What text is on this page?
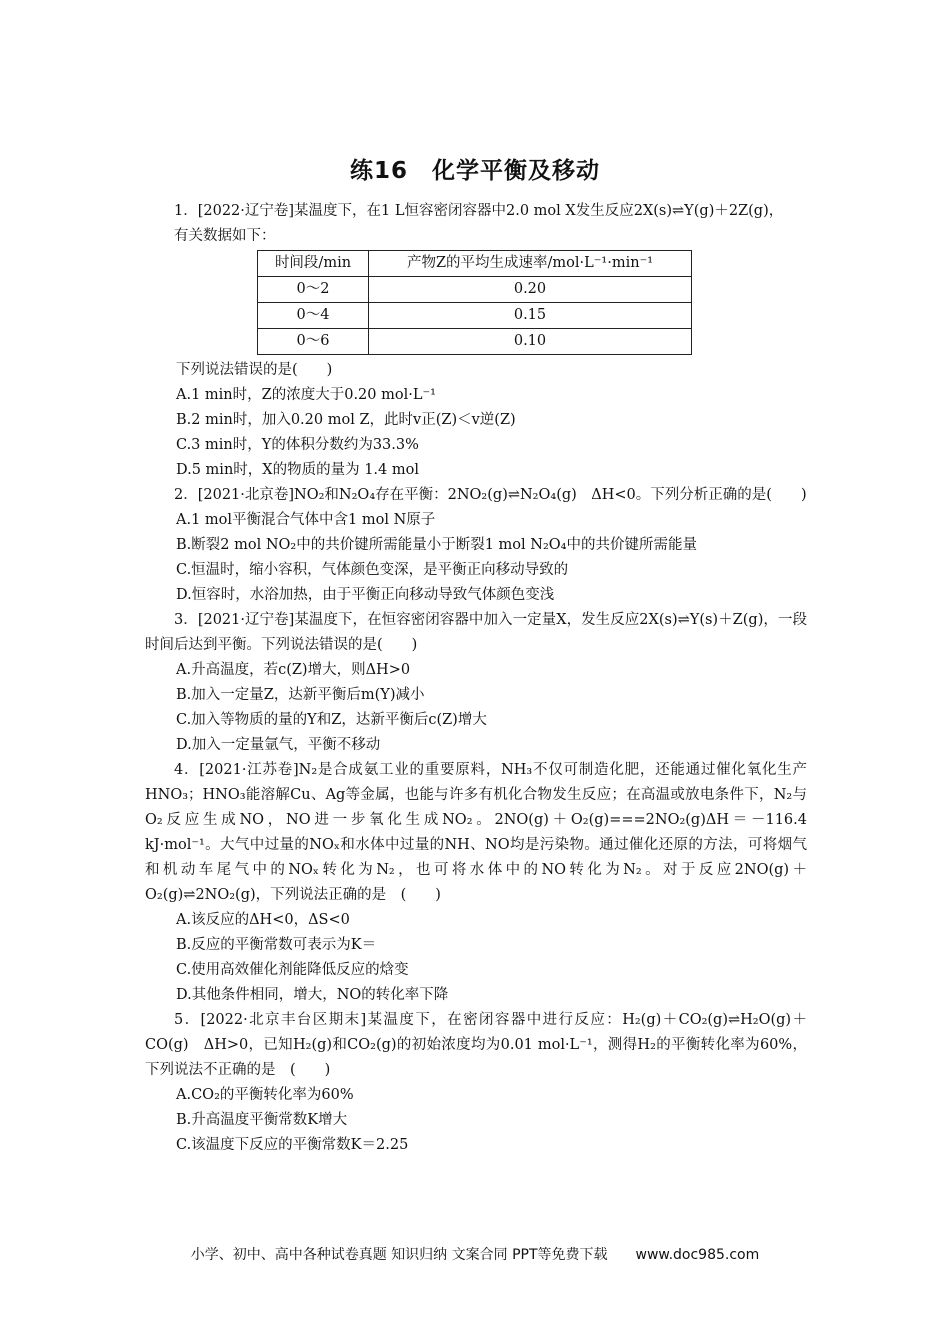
练16　化学平衡及移动

1．[2022·辽宁卷]某温度下，在1 L恒容密闭容器中2.0 mol X发生反应2X(s)⇌Y(g)＋2Z(g)，

有关数据如下：

时间段/min	产物Z的平均生成速率/mol·L⁻¹·min⁻¹
0～2	0.20
0～4	0.15
0～6	0.10

下列说法错误的是(　　)

A.1 min时，Z的浓度大于0.20 mol·L⁻¹

B.2 min时，加入0.20 mol Z，此时v正(Z)＜v逆(Z)

C.3 min时，Y的体积分数约为33.3%

D.5 min时，X的物质的量为 1.4 mol

2．[2021·北京卷]NO₂和N₂O₄存在平衡：2NO₂(g)⇌N₂O₄(g)　ΔH<0。下列分析正确的是(　　)

A.1 mol平衡混合气体中含1 mol N原子

B.断裂2 mol NO₂中的共价键所需能量小于断裂1 mol N₂O₄中的共价键所需能量

C.恒温时，缩小容积，气体颜色变深，是平衡正向移动导致的

D.恒容时，水浴加热，由于平衡正向移动导致气体颜色变浅

3．[2021·辽宁卷]某温度下，在恒容密闭容器中加入一定量X，发生反应2X(s)⇌Y(s)＋Z(g)，一段时间后达到平衡。下列说法错误的是(　　)

A.升高温度，若c(Z)增大，则ΔH>0

B.加入一定量Z，达新平衡后m(Y)减小

C.加入等物质的量的Y和Z，达新平衡后c(Z)增大

D.加入一定量氩气，平衡不移动

4．[2021·江苏卷]N₂是合成氨工业的重要原料，NH₃不仅可制造化肥，还能通过催化氧化生产HNO₃；HNO₃能溶解Cu、Ag等金属，也能与许多有机化合物发生反应；在高温或放电条件下，N₂与O₂反应生成NO，NO进一步氧化生成NO₂。2NO(g)＋O₂(g)===2NO₂(g)ΔH＝－116.4 kJ·mol⁻¹。大气中过量的NOₓ和水体中过量的NH、NO均是污染物。通过催化还原的方法，可将烟气和机动车尾气中的NOₓ转化为N₂，也可将水体中的NO转化为N₂。对于反应2NO(g)＋O₂(g)⇌2NO₂(g)，下列说法正确的是　(　　)

A.该反应的ΔH<0，ΔS<0

B.反应的平衡常数可表示为K＝

C.使用高效催化剂能降低反应的焓变

D.其他条件相同，增大，NO的转化率下降

5．[2022·北京丰台区期末]某温度下，在密闭容器中进行反应：H₂(g)＋CO₂(g)⇌H₂O(g)＋CO(g)　ΔH>0，已知H₂(g)和CO₂(g)的初始浓度均为0.01 mol·L⁻¹，测得H₂的平衡转化率为60%，下列说法不正确的是　(　　)

A.CO₂的平衡转化率为60%

B.升高温度平衡常数K增大

C.该温度下反应的平衡常数K＝2.25

小学、初中、高中各种试卷真题 知识归纳 文案合同 PPT等免费下载 www.doc985.com
